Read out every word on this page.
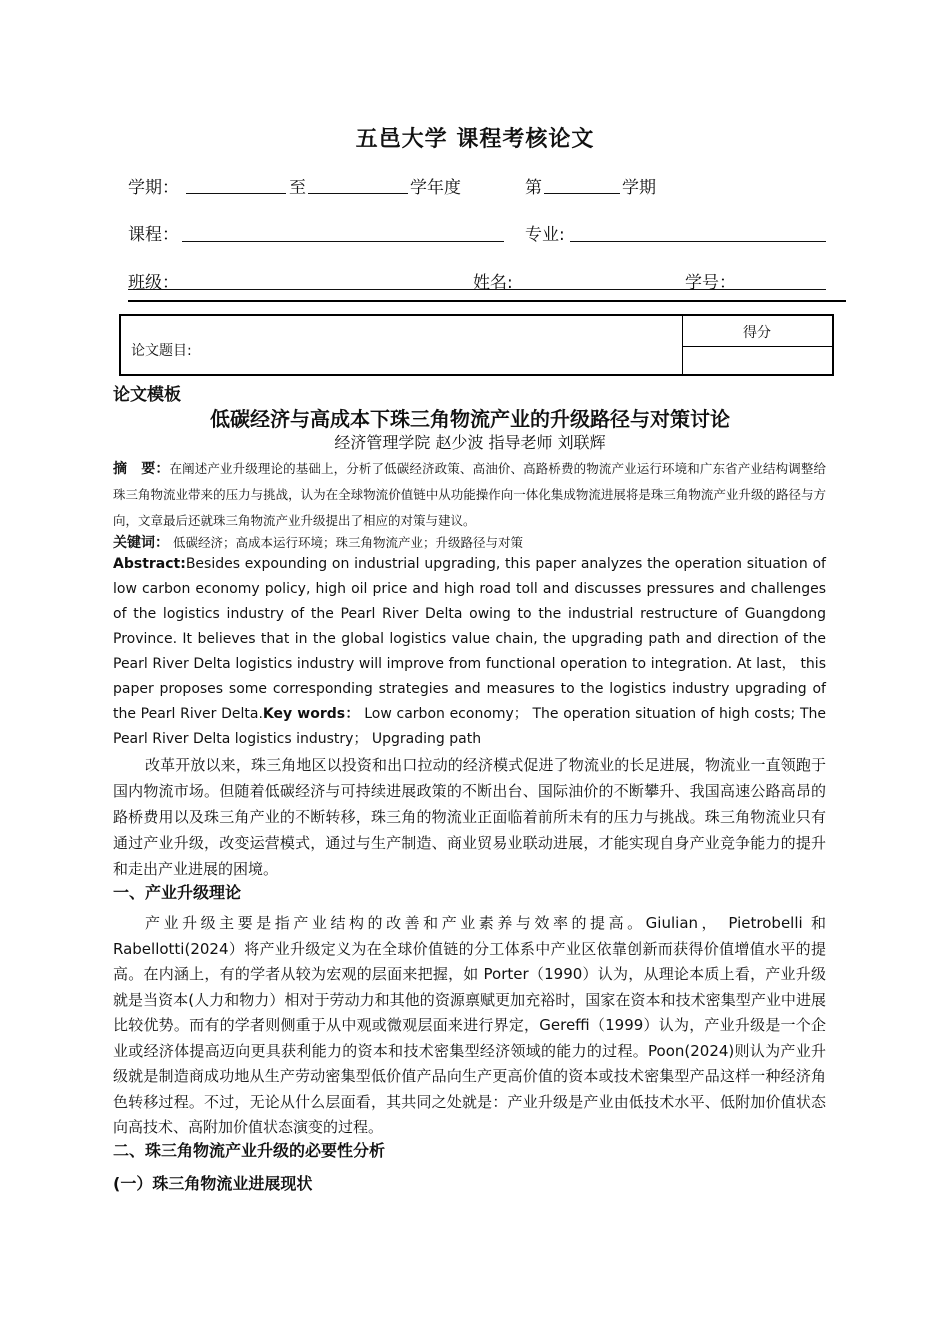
五邑大学 课程考核论文
学期：	至	学年度	第	学期
课程：	专业:
班级：	姓名:	学号：
论文题目:
得分
论文模板
低碳经济与高成本下珠三角物流产业的升级路径与对策讨论
经济管理学院 赵少波 指导老师 刘联辉
摘　要：在阐述产业升级理论的基础上，分析了低碳经济政策、高油价、高路桥费的物流产业运行环境和广东省产业结构调整给珠三角物流业带来的压力与挑战，认为在全球物流价值链中从功能操作向一体化集成物流进展将是珠三角物流产业升级的路径与方向，文章最后还就珠三角物流产业升级提出了相应的对策与建议。
关键词： 低碳经济；高成本运行环境；珠三角物流产业；升级路径与对策
Abstract:Besides expounding on industrial upgrading, this paper analyzes the operation situation of low carbon economy policy, high oil price and high road toll and discusses pressures and challenges of the logistics industry of the Pearl River Delta owing to the industrial restructure of Guangdong Province. It believes that in the global logistics value chain, the upgrading path and direction of the Pearl River Delta logistics industry will improve from functional operation to integration. At last， this paper proposes some corresponding strategies and measures to the logistics industry upgrading of the Pearl River Delta.Key words： Low carbon economy； The operation situation of high costs; The Pearl River Delta logistics industry； Upgrading path
改革开放以来，珠三角地区以投资和出口拉动的经济模式促进了物流业的长足进展，物流业一直领跑于国内物流市场。但随着低碳经济与可持续进展政策的不断出台、国际油价的不断攀升、我国高速公路高昂的路桥费用以及珠三角产业的不断转移，珠三角的物流业正面临着前所未有的压力与挑战。珠三角物流业只有通过产业升级，改变运营模式，通过与生产制造、商业贸易业联动进展，才能实现自身产业竞争能力的提升和走出产业进展的困境。
一、产业升级理论
产业升级主要是指产业结构的改善和产业素养与效率的提高。Giulian， Pietrobelli 和 Rabellotti(2024）将产业升级定义为在全球价值链的分工体系中产业区依靠创新而获得价值增值水平的提高。在内涵上，有的学者从较为宏观的层面来把握，如 Porter（1990）认为，从理论本质上看，产业升级就是当资本(人力和物力）相对于劳动力和其他的资源禀赋更加充裕时，国家在资本和技术密集型产业中进展比较优势。而有的学者则侧重于从中观或微观层面来进行界定，Gereffi（1999）认为，产业升级是一个企业或经济体提高迈向更具获利能力的资本和技术密集型经济领域的能力的过程。Poon(2024)则认为产业升级就是制造商成功地从生产劳动密集型低价值产品向生产更高价值的资本或技术密集型产品这样一种经济角色转移过程。不过，无论从什么层面看，其共同之处就是：产业升级是产业由低技术水平、低附加价值状态向高技术、高附加价值状态演变的过程。
二、珠三角物流产业升级的必要性分析
(一）珠三角物流业进展现状
